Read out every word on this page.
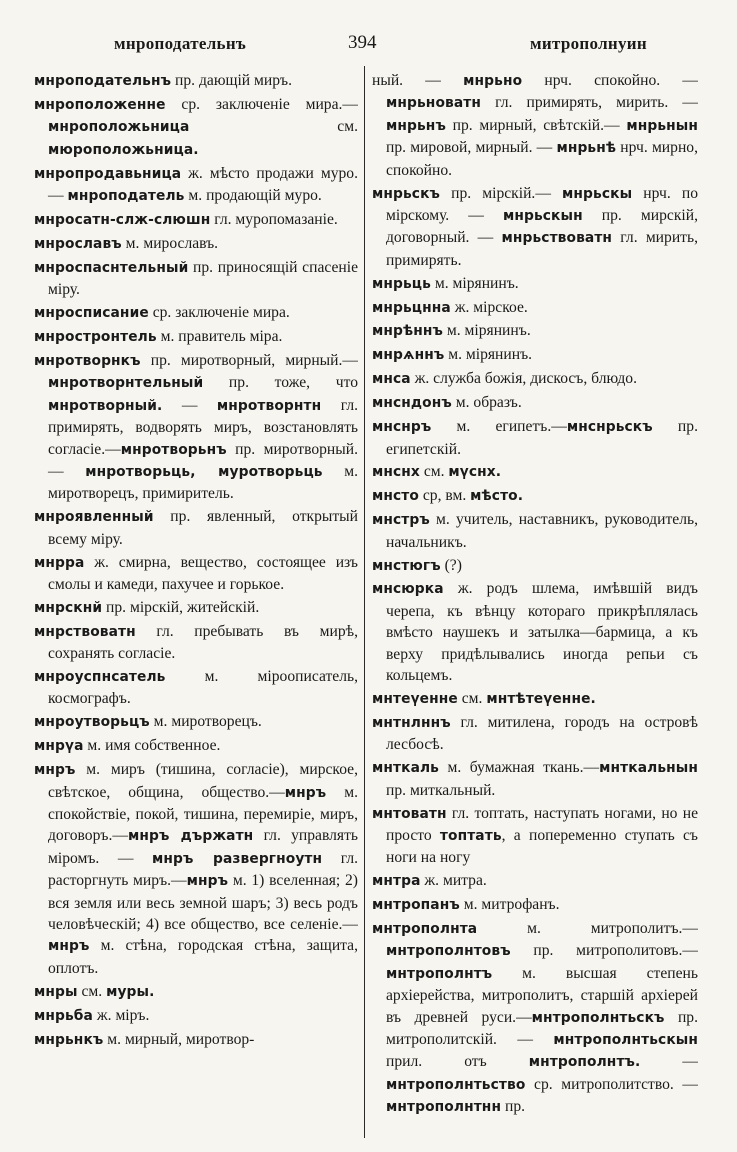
мнроподательнъ	394	митрополнуин

мнроподательнъ пр. дающій миръ.

мнроположенне ср. заключеніе мира.—мнроположьница см. мюроположьница.

мнропродавьница ж. мѣсто продажи муро. — мнроподатель м. продающій муро.

мнросатн-слж-слюшн гл. муропомазаніе.

мнрославъ м. мирославъ.

мнроспаснтельный пр. приносящій спасеніе міру.

мнросписание ср. заключеніе мира.

мнростронтель м. правитель міра.

мнротворнкъ пр. миротворный, мирный.—мнротворнтельный пр. тоже, что мнротворный. — мнротворнтн гл. примирять, водворять миръ, возстановлять согласіе.—мнротворьнъ пр. миротворный. — мнротворьць, муротворьць м. миротворецъ, примиритель.

мнроявленный пр. явленный, открытый всему міру.

мнрра ж. смирна, вещество, состоящее изъ смолы и камеди, пахучее и горькое.

мнрскнй пр. мірскій, житейскій.

мнрствоватн гл. пребывать въ мирѣ, сохранять согласіе.

мнроуспнсатель м. міроописатель, космографъ.

мнроутворьцъ м. миротворецъ.

мнрүа м. имя собственное.

мнръ м. миръ (тишина, согласіе), мирское, свѣтское, община, общество.—мнръ м. спокойствіе, покой, тишина, перемиріе, миръ, договоръ.—мнръ държатн гл. управлять міромъ. — мнръ развергноутн гл. расторгнуть миръ.—мнръ м. 1) вселенная; 2) вся земля или весь земной шаръ; 3) весь родъ человѣческій; 4) все общество, все селеніе.—мнръ м. стѣна, городская стѣна, защита, оплотъ.

мнры см. муры.

мнрьба ж. міръ.

мнрьнкъ м. мирный, миротвор-

ный. — мнрьно нрч. спокойно. — мнрьноватн гл. примирять, мирить. —мнрьнъ пр. мирный, свѣтскій.— мнрьнын пр. мировой, мирный. — мнрьнѣ нрч. мирно, спокойно.

мнрьскъ пр. мірскій.— мнрьскы нрч. по мірскому. — мнрьскын пр. мирскій, договорный. — мнрьствоватн гл. мирить, примирять.

мнрьць м. мірянинъ.

мнрьцнна ж. мірское.

мнрѣннъ м. мірянинъ.

мнрѧннъ м. мірянинъ.

мнса ж. служба божія, дискосъ, блюдо.

мнсндонъ м. образъ.

мнснръ м. египетъ.—мнснрьскъ пр. египетскій.

мнснх см. мүснх.

мнсто ср, вм. мѣсто.

мнстръ м. учитель, наставникъ, руководитель, начальникъ.

мнстюгъ (?)

мнсюрка ж. родъ шлема, имѣвшій видъ черепа, къ вѣнцу котораго прикрѣплялась вмѣсто наушекъ и затылка—бармица, а къ верху придѣлывались иногда репьи съ кольцемъ.

мнтеүенне см. мнтѣтеүенне.

мнтнлннъ гл. митилена, городъ на островѣ лесбосѣ.

мнткаль м. бумажная ткань.—мнткальнын пр. миткальный.

мнтоватн гл. топтать, наступать ногами, но не просто топтать, а попеременно ступать съ ноги на ногу

мнтра ж. митра.

мнтропанъ м. митрофанъ.

мнтрополнта м. митрополитъ.—мнтрополнтовъ пр. митрополитовъ.—мнтрополнтъ м. высшая степень архіерейства, митрополитъ, старшій архіерей въ древней руси.—мнтрополнтьскъ пр. митрополитскій. — мнтрополнтьскын прил. отъ мнтрополнтъ. — мнтрополнтьство ср. митрополитство. — мнтрополнтнн пр.
